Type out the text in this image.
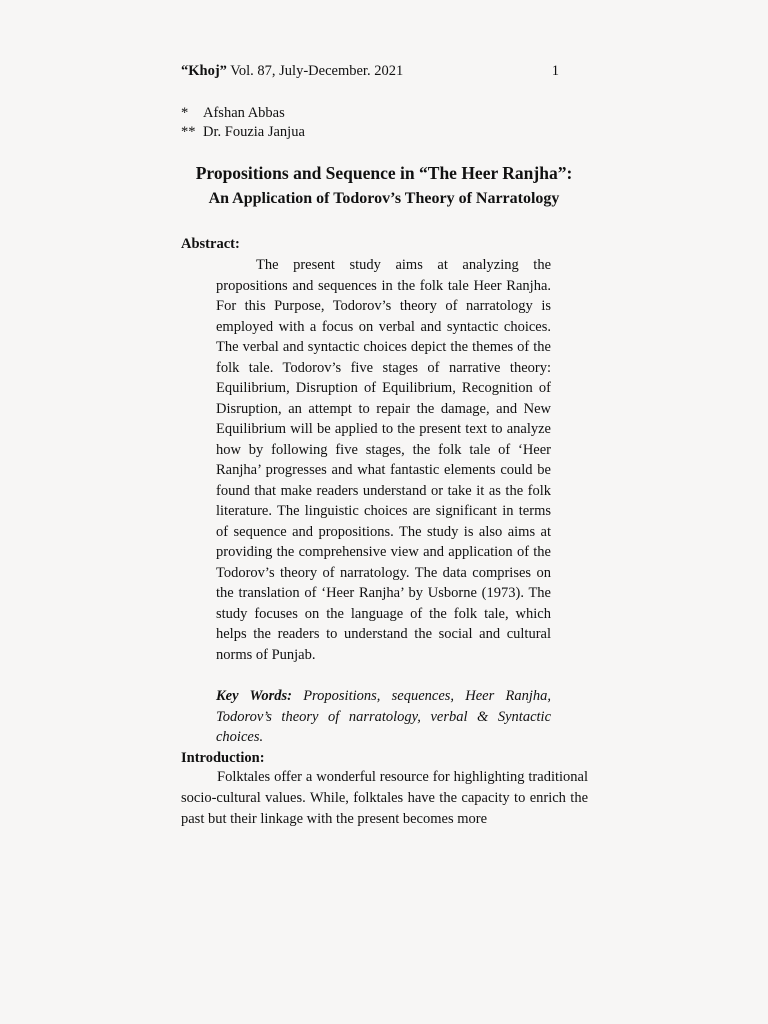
“Khoj” Vol. 87, July-December. 2021	1
* Afshan Abbas
** Dr. Fouzia Janjua
Propositions and Sequence in “The Heer Ranjha”:
An Application of Todorov’s Theory of Narratology
Abstract:

The present study aims at analyzing the propositions and sequences in the folk tale Heer Ranjha. For this Purpose, Todorov’s theory of narratology is employed with a focus on verbal and syntactic choices. The verbal and syntactic choices depict the themes of the folk tale. Todorov’s five stages of narrative theory: Equilibrium, Disruption of Equilibrium, Recognition of Disruption, an attempt to repair the damage, and New Equilibrium will be applied to the present text to analyze how by following five stages, the folk tale of ‘Heer Ranjha’ progresses and what fantastic elements could be found that make readers understand or take it as the folk literature. The linguistic choices are significant in terms of sequence and propositions. The study is also aims at providing the comprehensive view and application of the Todorov’s theory of narratology. The data comprises on the translation of ‘Heer Ranjha’ by Usborne (1973). The study focuses on the language of the folk tale, which helps the readers to understand the social and cultural norms of Punjab.

Key Words: Propositions, sequences, Heer Ranjha, Todorov’s theory of narratology, verbal & Syntactic choices.

Introduction:

Folktales offer a wonderful resource for highlighting traditional socio-cultural values. While, folktales have the capacity to enrich the past but their linkage with the present becomes more
